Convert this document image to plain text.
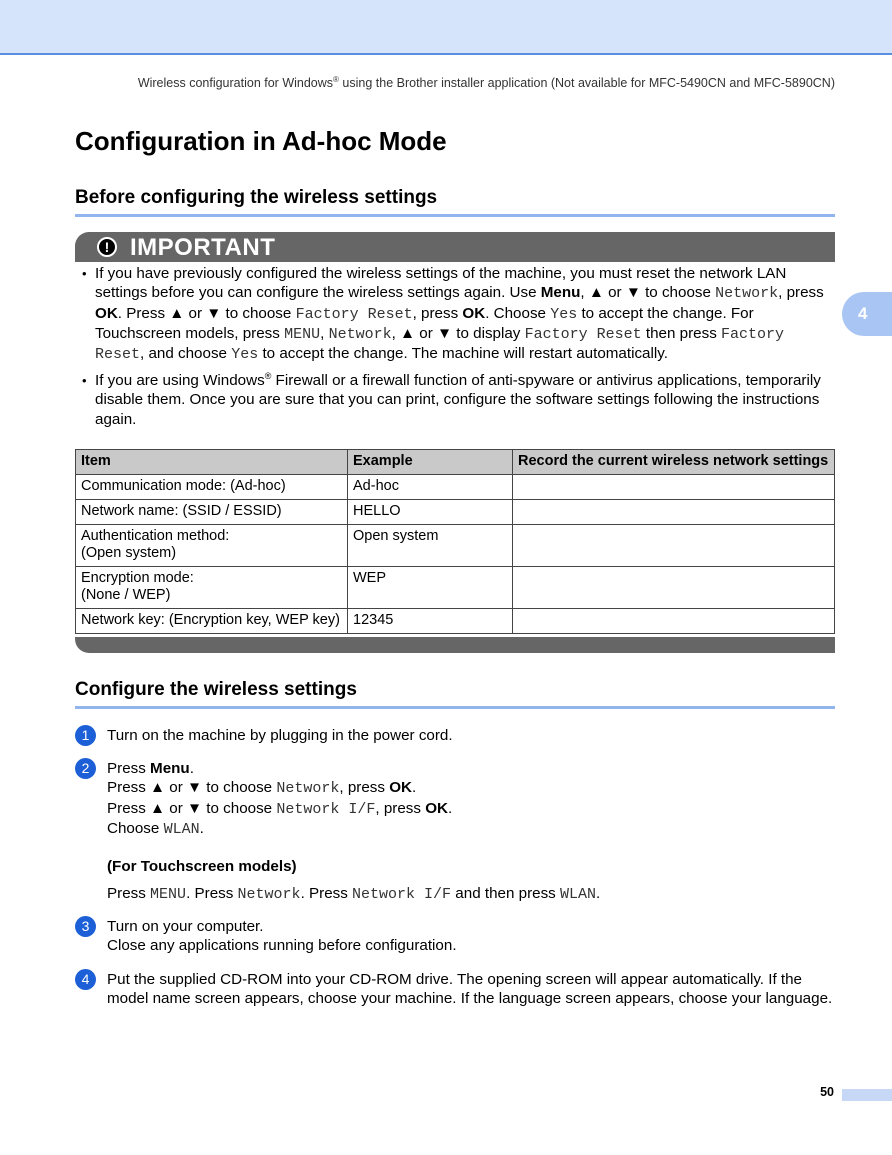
Wireless configuration for Windows® using the Brother installer application (Not available for MFC-5490CN and MFC-5890CN)
Configuration in Ad-hoc Mode
Before configuring the wireless settings
! IMPORTANT
• If you have previously configured the wireless settings of the machine, you must reset the network LAN settings before you can configure the wireless settings again. Use Menu, ▲ or ▼ to choose Network, press OK. Press ▲ or ▼ to choose Factory Reset, press OK. Choose Yes to accept the change. For Touchscreen models, press MENU, Network, ▲ or ▼ to display Factory Reset then press Factory Reset, and choose Yes to accept the change. The machine will restart automatically.
• If you are using Windows® Firewall or a firewall function of anti-spyware or antivirus applications, temporarily disable them. Once you are sure that you can print, configure the software settings following the instructions again.
Item	Example	Record the current wireless network settings
Communication mode: (Ad-hoc)	Ad-hoc	
Network name: (SSID / ESSID)	HELLO	
Authentication method:
(Open system)	Open system	
Encryption mode:
(None / WEP)	WEP	
Network key: (Encryption key, WEP key)	12345	
Configure the wireless settings
1	Turn on the machine by plugging in the power cord.
2	Press Menu.
Press ▲ or ▼ to choose Network, press OK.
Press ▲ or ▼ to choose Network I/F, press OK.
Choose WLAN.
(For Touchscreen models)
Press MENU. Press Network. Press Network I/F and then press WLAN.
3	Turn on your computer.
Close any applications running before configuration.
4	Put the supplied CD-ROM into your CD-ROM drive. The opening screen will appear automatically. If the model name screen appears, choose your machine. If the language screen appears, choose your language.
4
50
